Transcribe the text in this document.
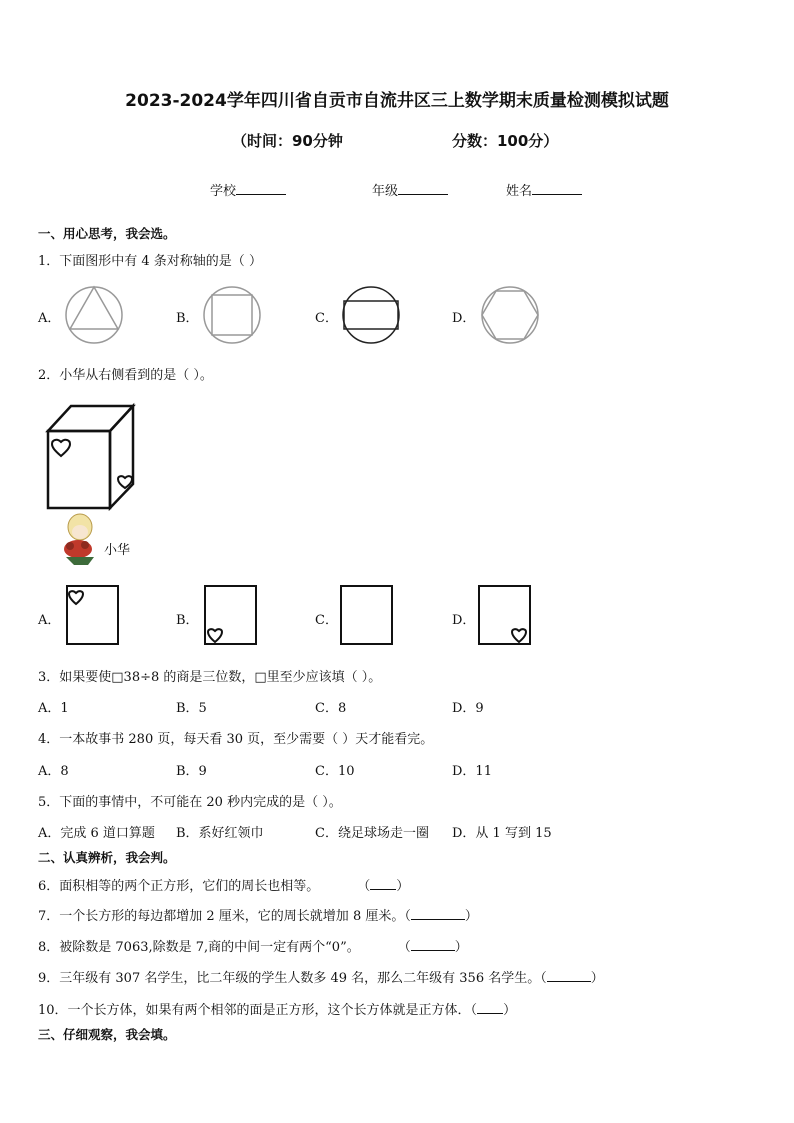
2023-2024学年四川省自贡市自流井区三上数学期末质量检测模拟试题
（时间：90分钟	分数：100分）
学校	年级	姓名
一、用心思考，我会选。
1．下面图形中有 4 条对称轴的是（ ）
A．	B．	C．	D．
2．小华从右侧看到的是（ ）。
小华
A．	B．	C．	D．
3．如果要使□38÷8 的商是三位数，□里至少应该填（ ）。
A．1	B．5	C．8	D．9
4．一本故事书 280 页，每天看 30 页，至少需要（ ）天才能看完。
A．8	B．9	C．10	D．11
5．下面的事情中，不可能在 20 秒内完成的是（ ）。
A．完成 6 道口算题 B．系好红领巾	C．绕足球场走一圈 D．从 1 写到 15
二、认真辨析，我会判。
6．面积相等的两个正方形，它们的周长也相等。	（ ）
7．一个长方形的每边都增加 2 厘米，它的周长就增加 8 厘米。（	）
8．被除数是 7063,除数是 7,商的中间一定有两个“0”。	（	）
9．三年级有 307 名学生，比二年级的学生人数多 49 名，那么二年级有 356 名学生。（	）
10．一个长方体，如果有两个相邻的面是正方形，这个长方体就是正方体．（ ）
三、仔细观察，我会填。
